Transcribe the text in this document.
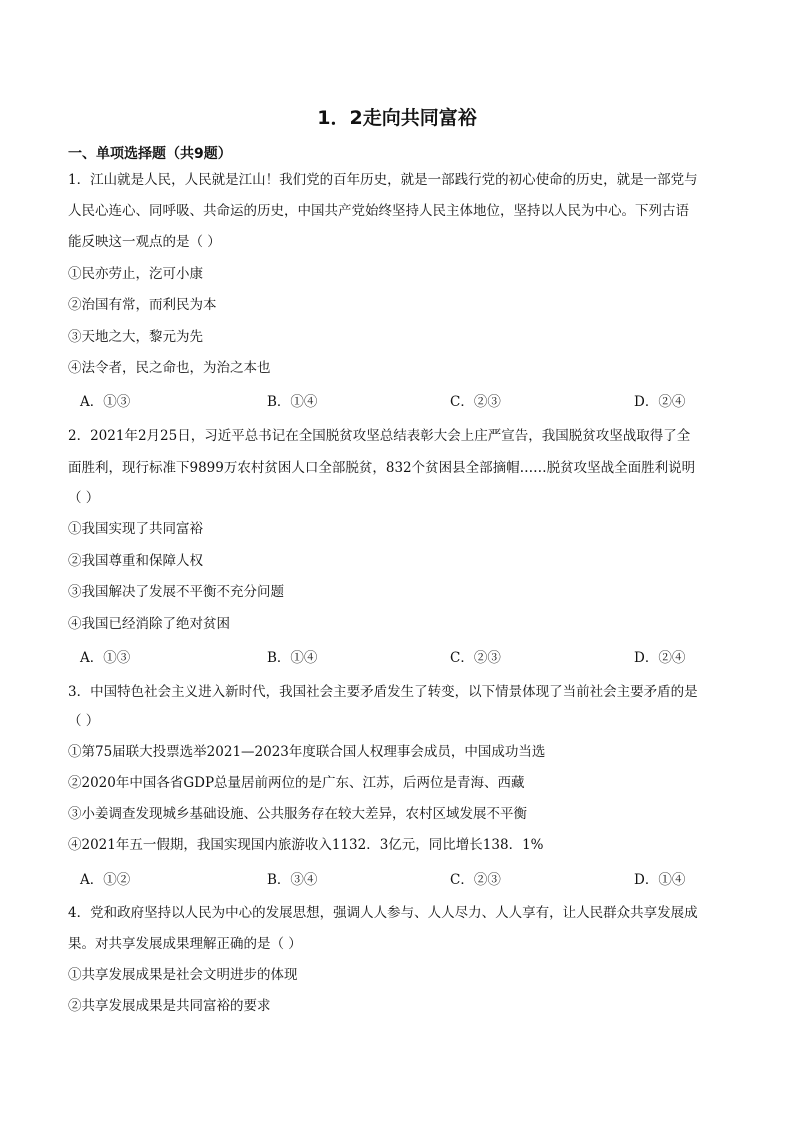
1．2走向共同富裕
一、单项选择题（共9题）
1．江山就是人民，人民就是江山！我们党的百年历史，就是一部践行党的初心使命的历史，就是一部党与
人民心连心、同呼吸、共命运的历史，中国共产党始终坚持人民主体地位，坚持以人民为中心。下列古语
能反映这一观点的是（ ）
①民亦劳止，汔可小康
②治国有常，而利民为本
③天地之大，黎元为先
④法令者，民之命也，为治之本也
A．①③	B．①④	C．②③	D．②④
2．2021年2月25日，习近平总书记在全国脱贫攻坚总结表彰大会上庄严宣告，我国脱贫攻坚战取得了全
面胜利，现行标准下9899万农村贫困人口全部脱贫，832个贫困县全部摘帽……脱贫攻坚战全面胜利说明
（ ）
①我国实现了共同富裕
②我国尊重和保障人权
③我国解决了发展不平衡不充分问题
④我国已经消除了绝对贫困
A．①③	B．①④	C．②③	D．②④
3．中国特色社会主义进入新时代，我国社会主要矛盾发生了转变，以下情景体现了当前社会主要矛盾的是
（ ）
①第75届联大投票选举2021—2023年度联合国人权理事会成员，中国成功当选
②2020年中国各省GDP总量居前两位的是广东、江苏，后两位是青海、西藏
③小姜调查发现城乡基础设施、公共服务存在较大差异，农村区域发展不平衡
④2021年五一假期，我国实现国内旅游收入1132．3亿元，同比增长138．1%
A．①②	B．③④	C．②③	D．①④
4．党和政府坚持以人民为中心的发展思想，强调人人参与、人人尽力、人人享有，让人民群众共享发展成
果。对共享发展成果理解正确的是（ ）
①共享发展成果是社会文明进步的体现
②共享发展成果是共同富裕的要求
